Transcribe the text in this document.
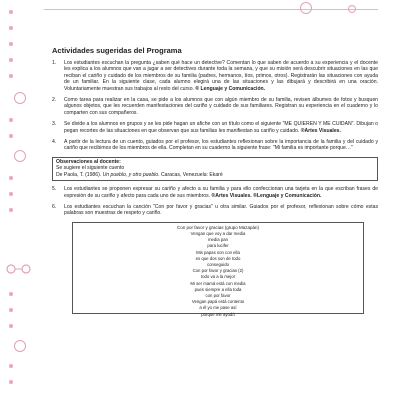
Actividades sugeridas del Programa
1.	Los estudiantes escuchan la pregunta ¿saben qué hace un detective? Comentan lo que saben de acuerdo a su experiencia y el docente les explica a los alumnos que van a jugar a ser detectives durante toda la semana, y que su misión será descubrir situaciones en las que reciban el cariño y cuidado de los miembros de su familia (padres, hermanos, tíos, primos, otros). Registrarán las situaciones con ayuda de un familiar. En la siguiente clase, cada alumno elegirá una de las situaciones y las dibujará y describirá en una oración. Voluntariamente muestran sus trabajos al resto del curso. ® Lenguaje y Comunicación.
2.	Como tarea para realizar en la casa, se pide a los alumnos que con algún miembro de su familia, revisen álbumes de fotos y busquen algunos objetos, que les recuerden manifestaciones del cariño y cuidado de sus familiares. Registran su experiencia en el cuaderno y lo comparten con sus compañeros.
3.	Se divide a los alumnos en grupos y se les pide hagan un afiche con un título como el siguiente "ME QUIEREN Y ME CUIDAN". Dibujan o pegan recortes de las situaciones en que observan que sus familias les manifiestan su cariño y cuidado. ®Artes Visuales.
4.	A partir de la lectura de un cuento, guiados por el profesor, los estudiantes reflexionan sobre la importancia de la familia y del cuidado y cariño que recibimos de los miembros de ella. Completan en su cuaderno la siguiente frase: "Mi familia es importante porque…"
Observaciones al docente:
Se sugiere el siguiente cuento
De Paola, T. (1986). Un pueblo, y otro pueblo. Caracas, Venezuela: Ekaré
5.	Los estudiantes se proponen expresar su cariño y afecto a su familia y para ello confeccionan una tarjeta en la que escriban frases de expresión de su cariño y afecto para cada uno de sus miembros. ®Artes Visuales. ®Lenguaje y Comunicación.
6.	Los estudiantes escuchan la canción "Con por favor y gracias" u otra similar. Guiados por el profesor, reflexionan sobre cómo estas palabras son muestras de respeto y cariño.
Con por favor y gracias (grupo Mazapán)
Vengan que voy a dar media
media pan
para lucifer
Mis papas son con ella
es que dos son de todo
conseguido
Con por favor y gracias (2)
todo va a la mejor
Mi ser mamá está con media
pues siempre a ella toda
con por favor
Vengan papá está contento
a él yo me pase así
porque me ayudó
